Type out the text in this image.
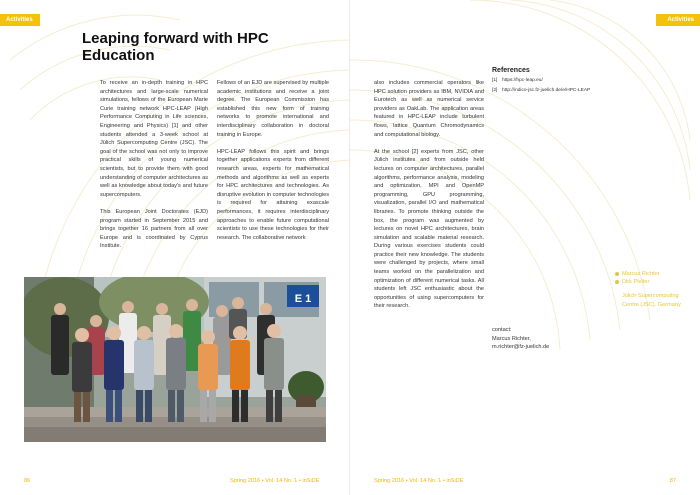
Activities
Leaping forward with HPC Education

To receive an in-depth training in HPC architectures and large-scale numerical simulations, fellows of the European Marie Curie training network HPC-LEAP (High Performance Computing in Life sciences, Engineering and Physics) [1] and other students attended a 3-week school at Jülich Supercomputing Centre (JSC). The goal of the school was not only to improve practical skills of young numerical scientists, but to provide them with good understanding of computer architectures as well as knowledge about today's and future supercomputers.

This European Joint Doctorates (EJD) program started in September 2015 and brings together 16 partners from all over Europe and is coordinated by Cyprus Institute.

Fellows of an EJD are supervised by multiple academic institutions and receive a joint degree. The European Commission has established this new form of training networks to promote international and interdisciplinary collaboration in doctoral training in Europe.

HPC-LEAP follows this spirit and brings together applications experts from different research areas, experts for mathematical methods and algorithms as well as experts for HPC architectures and technologies. As disruptive evolution in computer technologies is required for attaining exascale performances, it requires interdisciplinary approaches to enable future computational scientists to use these technologies for their research. The collaborative network

E 1
86	Spring 2016 • Vol. 14 No. 1 • inSiDE
Activities

also includes commercial operators like HPC solution providers as IBM, NVIDIA and Eurotech as well as numerical service providers as OakLab. The application areas featured in HPC-LEAP include turbulent flows, lattice Quantum Chromodynamics and computational biology.

At the school [2] experts from JSC, other Jülich institutes and from outside held lectures on computer architectures, parallel algorithms, performance analysis, modeling and optimization, MPI and OpenMP programming, GPU programming, visualization, parallel I/O and mathematical libraries. To promote thinking outside the box, the program was augmented by lectures on novel HPC architectures, brain simulation and scalable material research. During various exercises students could practice their new knowledge. The students were challenged by projects, where small teams worked on the parallelization and optimization of different numerical tasks. All students left JSC enthusiastic about the opportunities of using supercomputers for their research.

References
[1] https://hpc-leap.eu/
[2] http://indico-jsc.fz-juelich.de/e/HPC-LEAP
Marcus Richter
Dirk Pleiter
Jülich Supercomputing Centre (JSC), Germany
contact:
Marcus Richter,
m.richter@fz-juelich.de
Spring 2016 • Vol. 14 No. 1 • inSiDE	87
